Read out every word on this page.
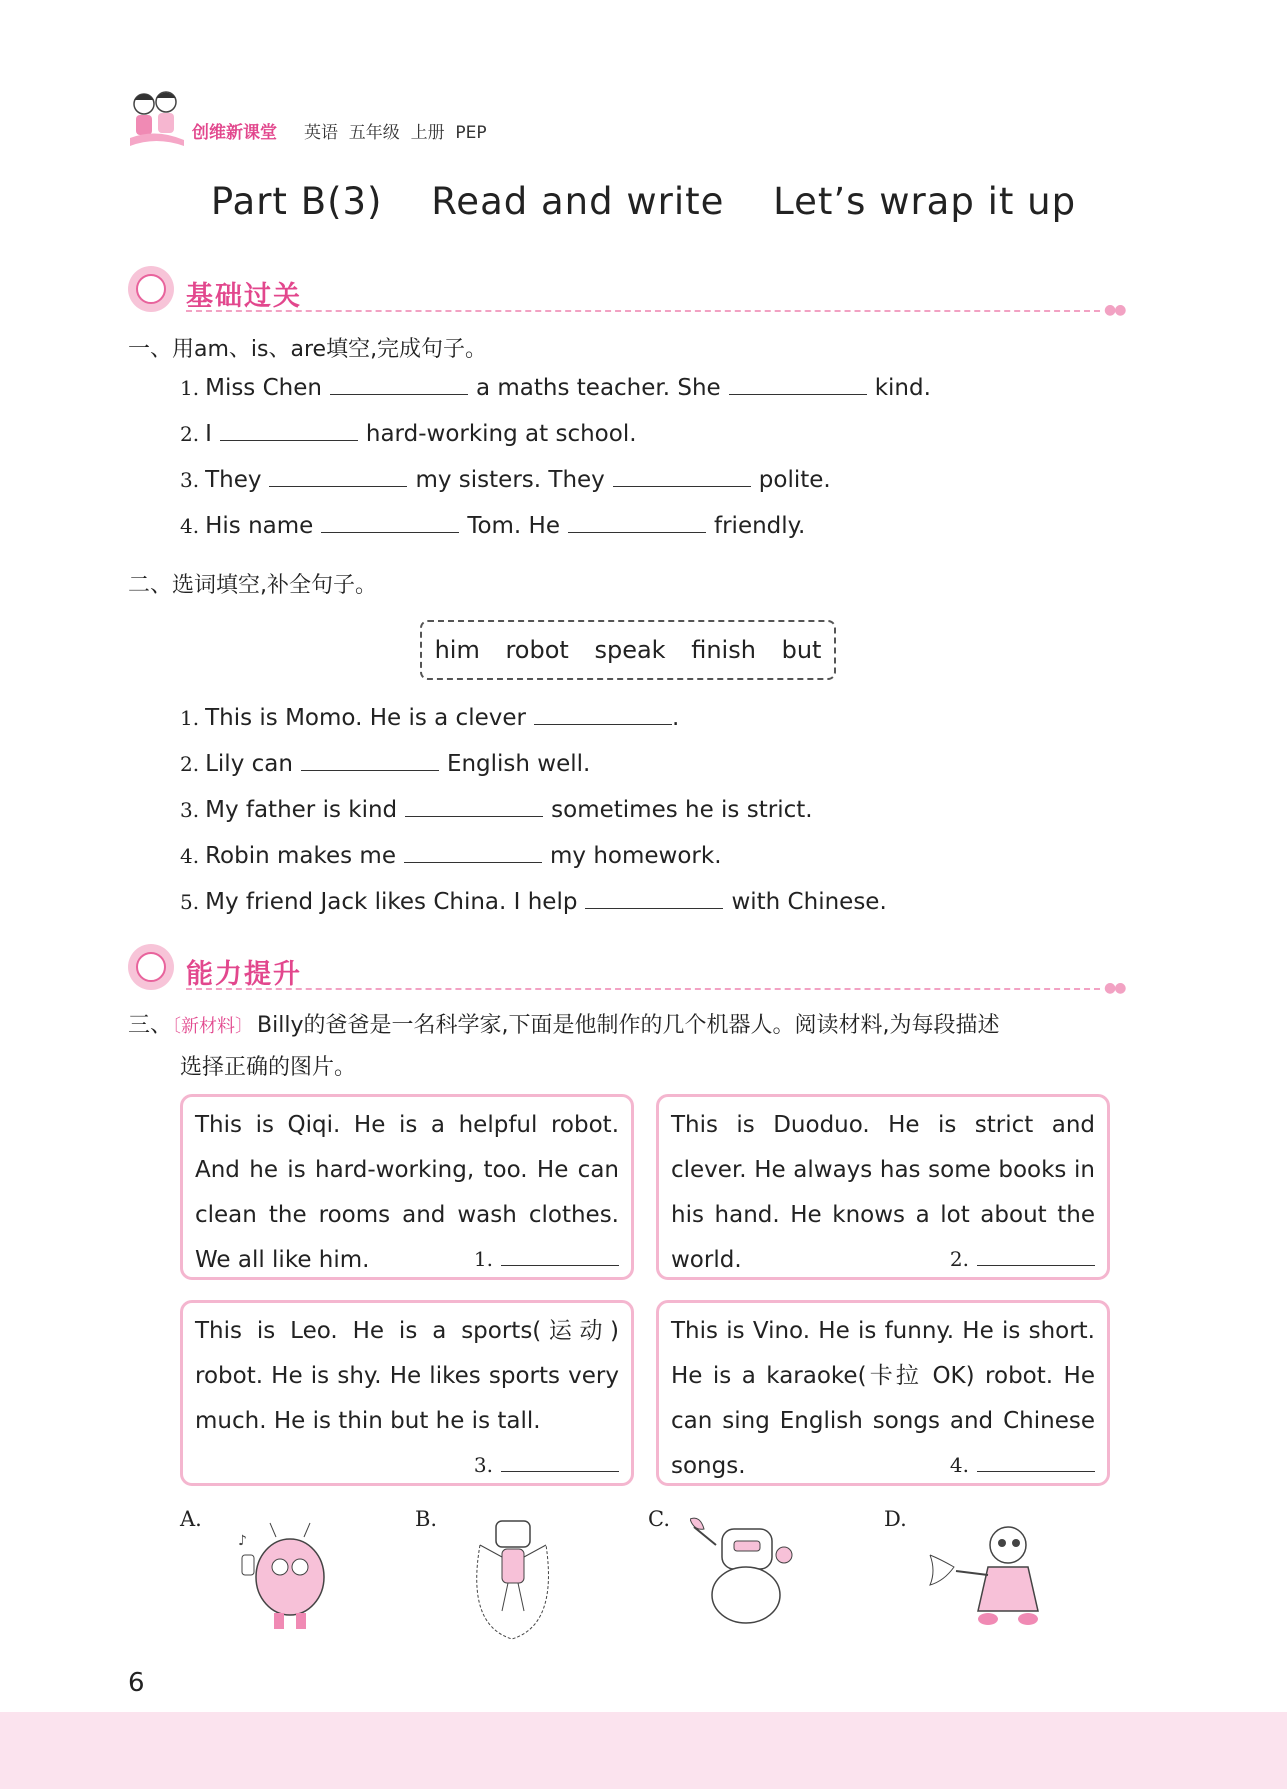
创维新课堂 英语  五年级  上册  PEP
Part B(3) Read and write Let’s wrap it up
基础过关	●●
一、用am、is、are填空,完成句子。
1. Miss Chen	a maths teacher. She	kind.
2. I	hard-working at school.
3. They	my sisters. They	polite.
4. His name	Tom. He	friendly.
二、选词填空,补全句子。
him robot speak finish but
1. This is Momo. He is a clever	.
2. Lily can	English well.
3. My father is kind	sometimes he is strict.
4. Robin makes me	my homework.
5. My friend Jack likes China. I help	with Chinese.
能力提升	●●
三、〔新材料〕 Billy的爸爸是一名科学家,下面是他制作的几个机器人。阅读材料,为每段描述
选择正确的图片。
This is Qiqi. He is a helpful robot. And he is hard-working, too. He can clean the rooms and wash clothes. We all like him.	1.
This is Duoduo. He is strict and clever. He always has some books in his hand. He knows a lot about the world.	2.
This is Leo. He is a sports(运动) robot. He is shy. He likes sports very much. He is thin but he is tall.
3.
This is Vino. He is funny. He is short. He is a karaoke(卡拉 OK) robot. He can sing English songs and Chinese songs.	4.
A.
♪
B.	C.	D.
6
